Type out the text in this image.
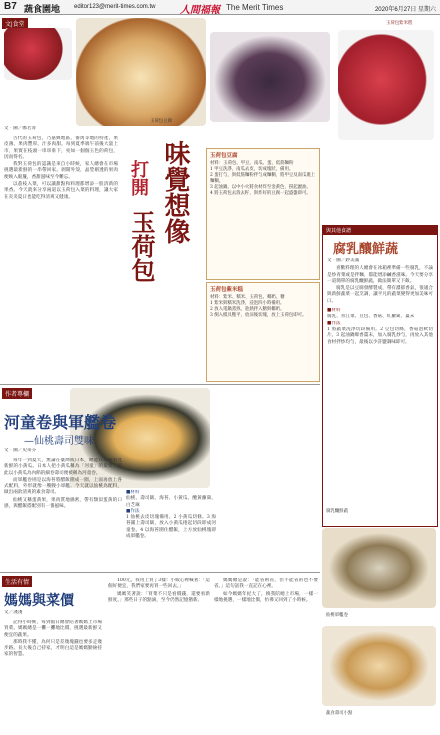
B7 蔬食園地 editor123@merit-times.com.tw 人間福報 The Merit Times	2020年6月27日 星期六
文|食堂
玉荷包豆腐
玉荷包紫米糕
文‧圖／鄭若菁

古代的玉荷包，乃嘉興地區、番禺等地的特產，果皮薄、果肉豐厚、汁多肉甜。每到夏季端午前後大量上市，果實在枝頭一串串垂下，宛如一個個玉色的荷包，因而得名。

我對玉荷包的認識是來自小時候，家人總會在市場挑選最新鮮的一串帶回家。剝開外殼，晶瑩剔透的果肉便映入眼簾，香甜滋味至今難忘。

以荔枝入菜，可以讓甜點和料理都增添一股清新的果香。今天就來分享兩道以玉荷包入菜的料理，讓大家在炎炎夏日也能吃得清爽又健康。	味覺想像
打開
玉荷包
玉荷包豆腐
材料：玉荷包、甲豆、南瓜、蛋、低筋麵粉
1 甲豆洗淨，南瓜去皮，切成塊狀，備用。
2 蛋打勻，與低筋麵粉拌勻成麵糊，將甲豆及南瓜裹上麵糊。
3 起油鍋，以中小火將食材炸至金黃色，撈起瀝油。
4 將玉荷包去殼去籽，與炸好的豆腐一起盛盤即可。
玉荷包紫米糕
材料：紫米、糯米、玉荷包、椰奶、糖
1 紫米與糯米洗淨，浸泡四小時備用。
2 放入電鍋蒸熟，趁熱拌入糖與椰奶。
3 倒入模具壓平，放涼後切塊，放上玉荷包即可。
與其他食譜
腐乳釀鮮蔬
文‧圖／鈔美滿

喜歡料理的人總會在冰箱裡準備一些腐乳，不論是炒青菜或是拌麵，都能增添鹹香滋味。今天要分享一道簡單的腐乳釀鮮蔬，做法簡單又下飯。

腐乳是以豆腐發酵製成，帶有濃郁香氣，很適合與新鮮蔬菜一起烹調，讓平凡的蔬菜變得更加美味可口。

■材料
腐乳、青江菜、豆包、香菇、紅蘿蔔、薑末
■作法
1 將蔬菜洗淨切段備用。2 豆包切絲，香菇泡軟切片。3 起油鍋爆香薑末，加入腐乳炒勻，再放入其他食材拌炒均勻，最後以少許鹽調味即可。
作者專欄
河童卷與軍艦卷
—仙桃壽司雙味
文‧圖／史蒂芬

每年一到夏天，無論在臺灣或日本，總能在市場看見新鮮的小黃瓜。日本人把小黃瓜稱為「河童」的最愛，因此以小黃瓜為內餡的細卷壽司便被稱為河童卷。

而軍艦卷則是以海苔將醋飯圍成一圈，上面再放上各式配料，外形就像一艘艘小軍艦。今天就以仙桃為配料，做出兩款清爽的素食壽司。

仙桃又稱蛋黃果，果肉質地綿密，帶有類似蛋黃的口感，與醋飯搭配別有一番風味。

■材料
仙桃、壽司飯、海苔、小黃瓜、醃黃蘿蔔、白芝麻
■作法
1 仙桃去皮切塊備用。2 小黃瓜切條。3 海苔鋪上壽司飯，放入小黃瓜捲起切段即成河童卷。4 以海苔圍住醋飯，上方放仙桃塊即成軍艦卷。
仙桃軍艦卷
生活有情
媽媽與菜價
文／淺淺

記得小時候，每到假日總會陪著媽媽上市場買菜。媽媽總是一攤一攤地比價，挑選最新鮮又便宜的蔬果。

那時我不懂，為何只是差幾塊錢也要多走幾步路。長大後自己持家，才明白這是媽媽勤儉持家的智慧。

100元，我用上買了3樣！小販心裡喊著：「這個好便宜，我們家要再買一些回去。」

媽媽笑著說：「買菜不只是看價錢，還要看新鮮度。」那些日子的點滴，至今仍然記憶猶新。

媽媽總是說：「能省則省，但不能省的也不要省。」這句話我一直記在心裡。

如今媽媽年紀大了，換我陪她上市場，一樣一樣地挑選，一樣地比價，彷彿又回到了小時候。

蔬食壽司小點
腐乳釀鮮蔬
